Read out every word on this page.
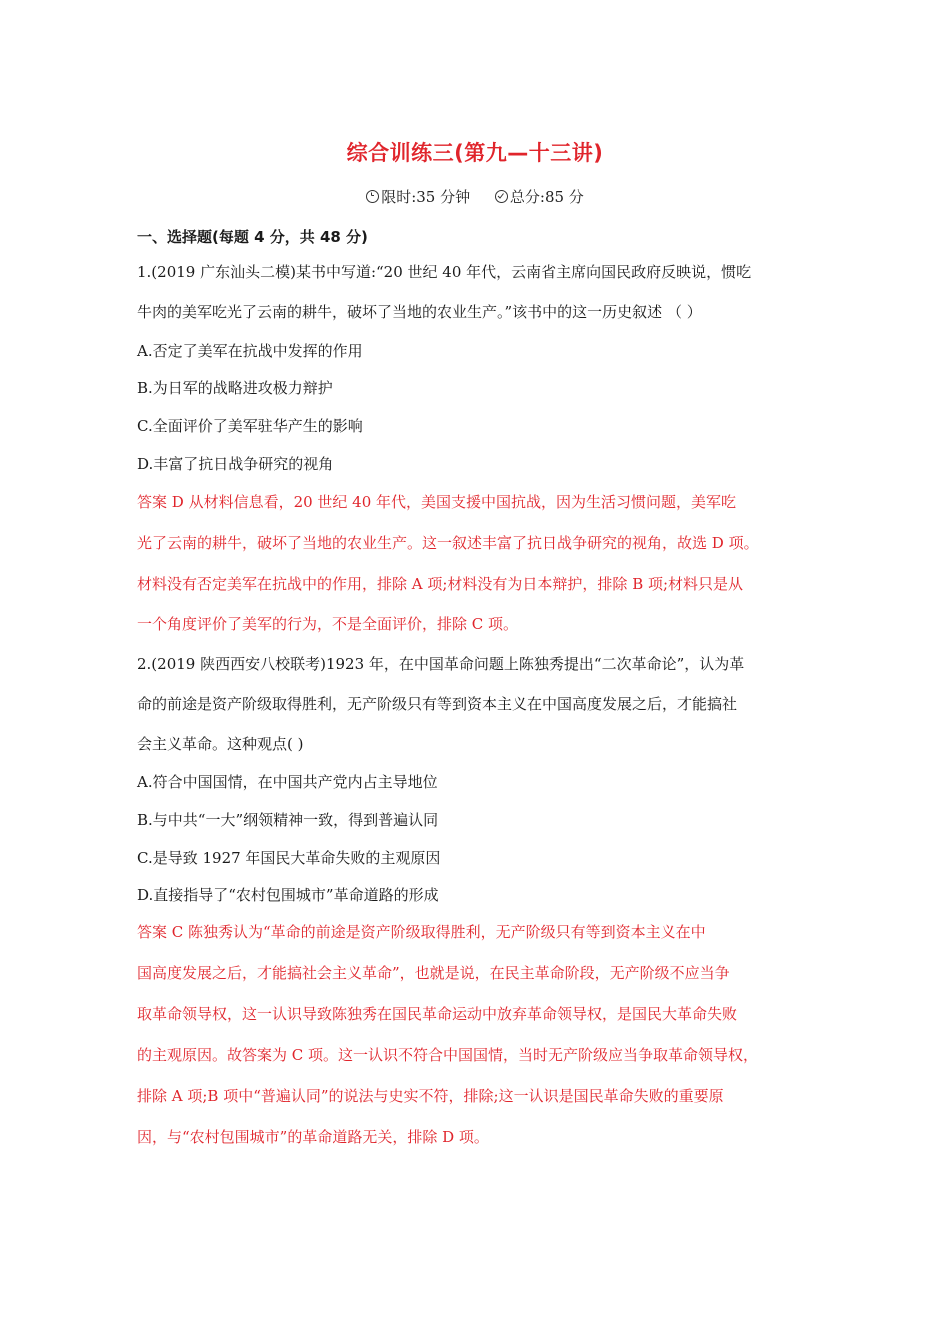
综合训练三(第九—十三讲)
限时:35 分钟	总分:85 分
一、选择题(每题 4 分，共 48 分)
1.(2019 广东汕头二模)某书中写道:“20 世纪 40 年代，云南省主席向国民政府反映说，惯吃
牛肉的美军吃光了云南的耕牛，破坏了当地的农业生产。”该书中的这一历史叙述 （ ）
A.否定了美军在抗战中发挥的作用
B.为日军的战略进攻极力辩护
C.全面评价了美军驻华产生的影响
D.丰富了抗日战争研究的视角
答案 D 从材料信息看，20 世纪 40 年代，美国支援中国抗战，因为生活习惯问题，美军吃
光了云南的耕牛，破坏了当地的农业生产。这一叙述丰富了抗日战争研究的视角，故选 D 项。
材料没有否定美军在抗战中的作用，排除 A 项;材料没有为日本辩护，排除 B 项;材料只是从
一个角度评价了美军的行为，不是全面评价，排除 C 项。
2.(2019 陕西西安八校联考)1923 年，在中国革命问题上陈独秀提出“二次革命论”，认为革
命的前途是资产阶级取得胜利，无产阶级只有等到资本主义在中国高度发展之后，才能搞社
会主义革命。这种观点( )
A.符合中国国情，在中国共产党内占主导地位
B.与中共“一大”纲领精神一致，得到普遍认同
C.是导致 1927 年国民大革命失败的主观原因
D.直接指导了“农村包围城市”革命道路的形成
答案 C 陈独秀认为“革命的前途是资产阶级取得胜利，无产阶级只有等到资本主义在中
国高度发展之后，才能搞社会主义革命”，也就是说，在民主革命阶段，无产阶级不应当争
取革命领导权，这一认识导致陈独秀在国民革命运动中放弃革命领导权，是国民大革命失败
的主观原因。故答案为 C 项。这一认识不符合中国国情，当时无产阶级应当争取革命领导权，
排除 A 项;B 项中“普遍认同”的说法与史实不符，排除;这一认识是国民革命失败的重要原
因，与“农村包围城市”的革命道路无关，排除 D 项。
